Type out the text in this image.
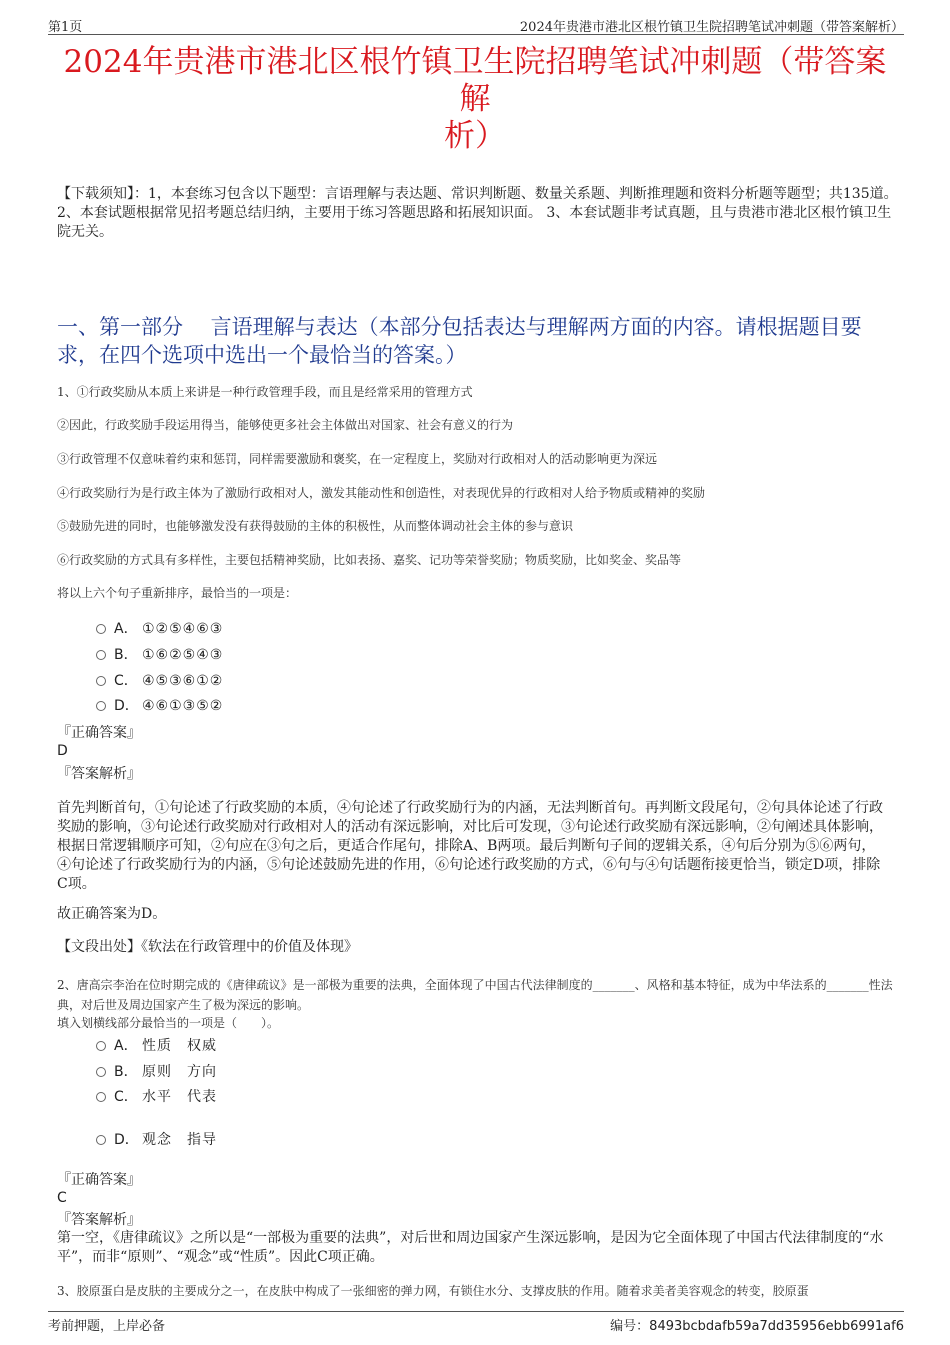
第1页	2024年贵港市港北区根竹镇卫生院招聘笔试冲刺题（带答案解析）
2024年贵港市港北区根竹镇卫生院招聘笔试冲刺题（带答案解
析）
【下载须知】：1，本套练习包含以下题型：言语理解与表达题、常识判断题、数量关系题、判断推理题和资料分析题等题型；共135道。 2、本套试题根据常见招考题总结归纳，主要用于练习答题思路和拓展知识面。 3、本套试题非考试真题，且与贵港市港北区根竹镇卫生院无关。
一、第一部分　 言语理解与表达（本部分包括表达与理解两方面的内容。请根据题目要求，在四个选项中选出一个最恰当的答案。）
1、①行政奖励从本质上来讲是一种行政管理手段，而且是经常采用的管理方式
②因此，行政奖励手段运用得当，能够使更多社会主体做出对国家、社会有意义的行为
③行政管理不仅意味着约束和惩罚，同样需要激励和褒奖，在一定程度上，奖励对行政相对人的活动影响更为深远
④行政奖励行为是行政主体为了激励行政相对人，激发其能动性和创造性，对表现优异的行政相对人给予物质或精神的奖励
⑤鼓励先进的同时，也能够激发没有获得鼓励的主体的积极性，从而整体调动社会主体的参与意识
⑥行政奖励的方式具有多样性，主要包括精神奖励，比如表扬、嘉奖、记功等荣誉奖励；物质奖励，比如奖金、奖品等
将以上六个句子重新排序，最恰当的一项是：
A． ①②⑤④⑥③
B． ①⑥②⑤④③
C． ④⑤③⑥①②
D． ④⑥①③⑤②
『正确答案』
D
『答案解析』
首先判断首句，①句论述了行政奖励的本质，④句论述了行政奖励行为的内涵，无法判断首句。再判断文段尾句，②句具体论述了行政奖励的影响，③句论述行政奖励对行政相对人的活动有深远影响，对比后可发现，③句论述行政奖励有深远影响，②句阐述具体影响，根据日常逻辑顺序可知，②句应在③句之后，更适合作尾句，排除A、B两项。最后判断句子间的逻辑关系，④句后分别为⑤⑥两句，④句论述了行政奖励行为的内涵，⑤句论述鼓励先进的作用，⑥句论述行政奖励的方式，⑥句与④句话题衔接更恰当，锁定D项，排除C项。
故正确答案为D。
【文段出处】《软法在行政管理中的价值及体现》
2、唐高宗李治在位时期完成的《唐律疏议》是一部极为重要的法典，全面体现了中国古代法律制度的_______、风格和基本特征，成为中华法系的_______性法典，对后世及周边国家产生了极为深远的影响。
填入划横线部分最恰当的一项是（　　）。
A． 性质　权威
B． 原则　方向
C． 水平　代表
D． 观念　指导
『正确答案』
C
『答案解析』
第一空，《唐律疏议》之所以是“一部极为重要的法典”，对后世和周边国家产生深远影响，是因为它全面体现了中国古代法律制度的“水平”，而非“原则”、“观念”或“性质”。因此C项正确。
3、胶原蛋白是皮肤的主要成分之一，在皮肤中构成了一张细密的弹力网，有锁住水分、支撑皮肤的作用。随着求美者美容观念的转变，胶原蛋
考前押题，上岸必备	编号：8493bcbdafb59a7dd35956ebb6991af6
